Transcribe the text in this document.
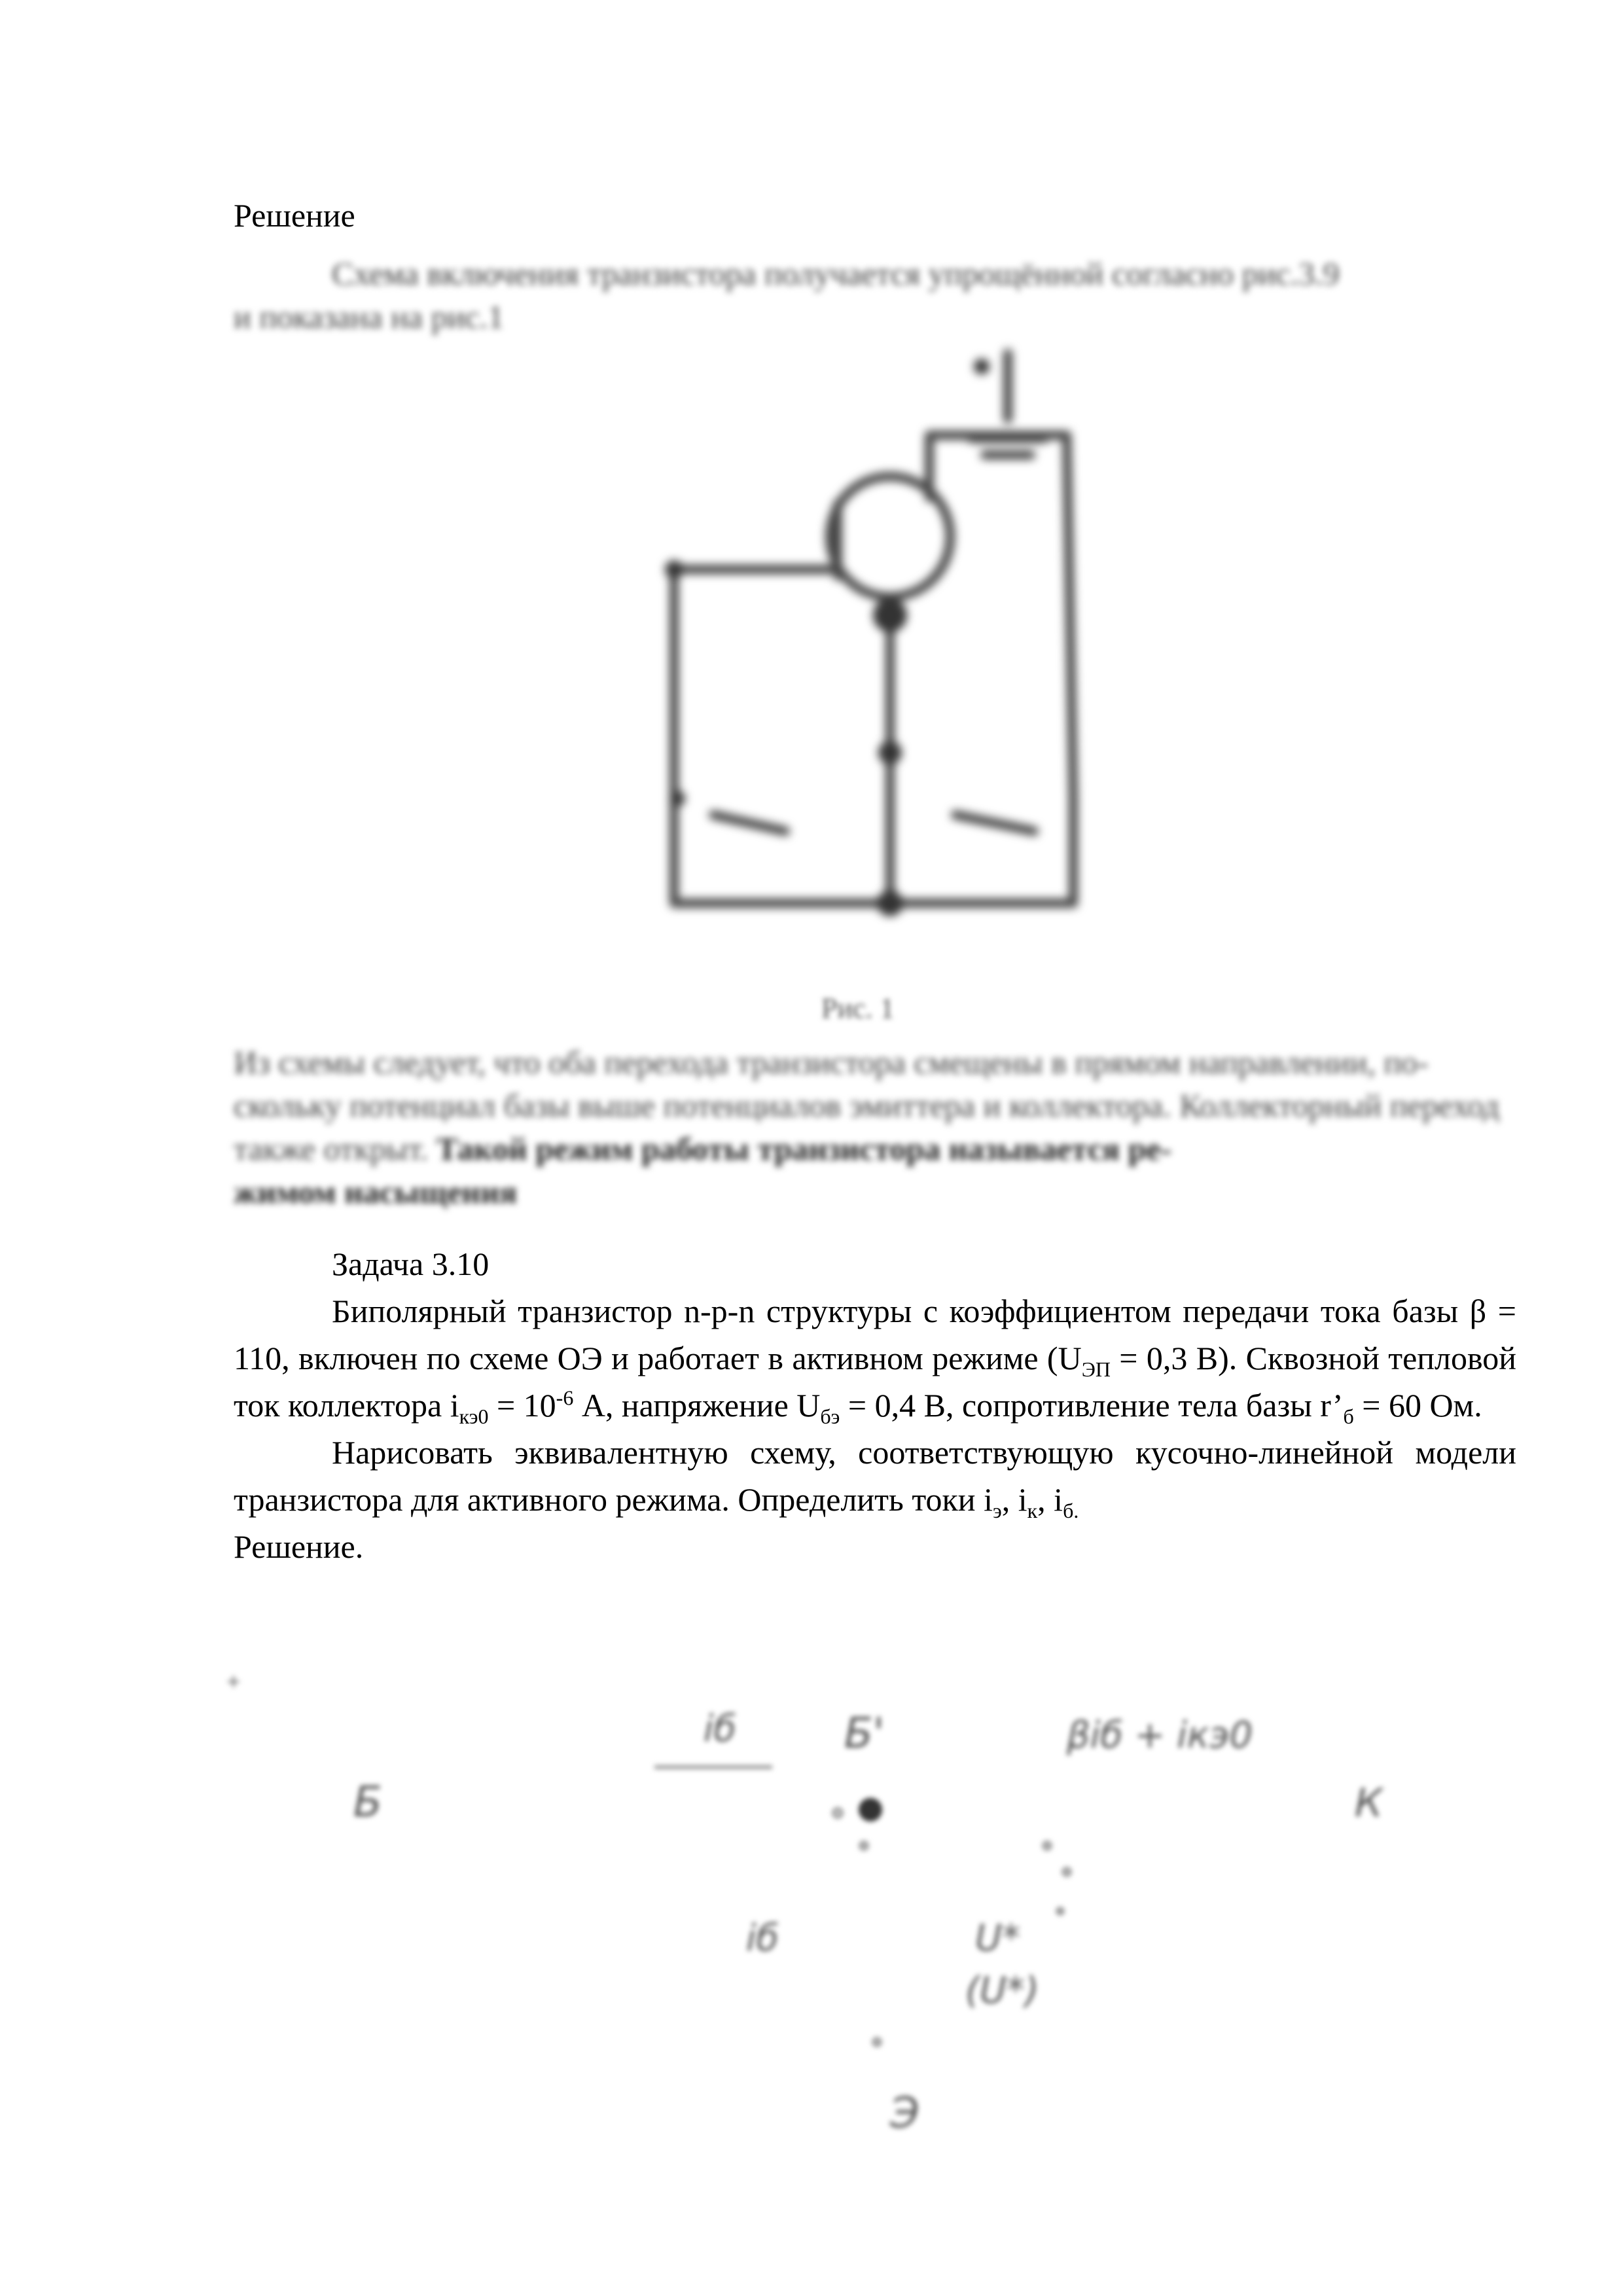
Решение
Схема включения транзистора получается упрощённой согласно рис.3.9
и показана на рис.1
Рис. 1
Из схемы следует, что оба перехода транзистора смещены в прямом направлении, по-
скольку потенциал базы выше потенциалов эмиттера и коллектора. Коллекторный переход
также открыт. Такой режим работы транзистора называется ре-
жимом насыщения
Задача 3.10
Биполярный транзистор n-p-n структуры с коэффициентом передачи тока базы β = 110, включен по схеме ОЭ и работает в активном режиме ($U_{ЭП} = 0,3$ В). Сквозной тепловой ток коллектора $i_{кэ0} = 10^{-6}$ А, напряжение $U_{бэ} = 0,4$ В, сопротивление тела базы $r’_б = 60$ Ом.
Нарисовать эквивалентную схему, соответствующую кусочно-линейной модели транзистора для активного режима. Определить токи $i_э$, $i_к$, $i_{б.}$
Решение.
+
Б
iб	Б'	βiб + iкэ0
К
iб	U*
(U*)
Э
